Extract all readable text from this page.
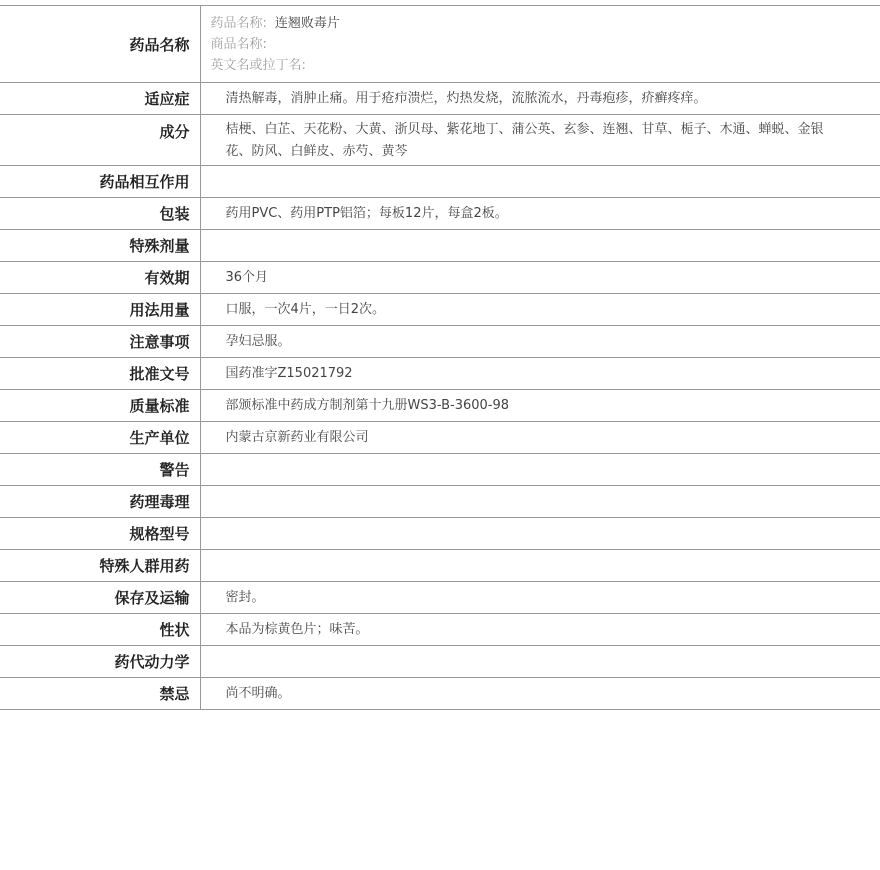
药品名称	药品名称: 连翘败毒片
商品名称:
英文名或拉丁名:

适应症	清热解毒，消肿止痛。用于疮疖溃烂，灼热发烧，流脓流水，丹毒疱疹，疥癣疼痒。
成分	桔梗、白芷、天花粉、大黄、浙贝母、紫花地丁、蒲公英、玄参、连翘、甘草、栀子、木通、蝉蜕、金银花、防风、白鲜皮、赤芍、黄芩
药品相互作用	
包装	药用PVC、药用PTP铝箔；每板12片，每盒2板。
特殊剂量	
有效期	36个月
用法用量	口服，一次4片，一日2次。
注意事项	孕妇忌服。
批准文号	国药准字Z15021792
质量标准	部颁标准中药成方制剂第十九册WS3-B-3600-98
生产单位	内蒙古京新药业有限公司
警告	
药理毒理	
规格型号	
特殊人群用药	
保存及运输	密封。
性状	本品为棕黄色片；味苦。
药代动力学	
禁忌	尚不明确。
